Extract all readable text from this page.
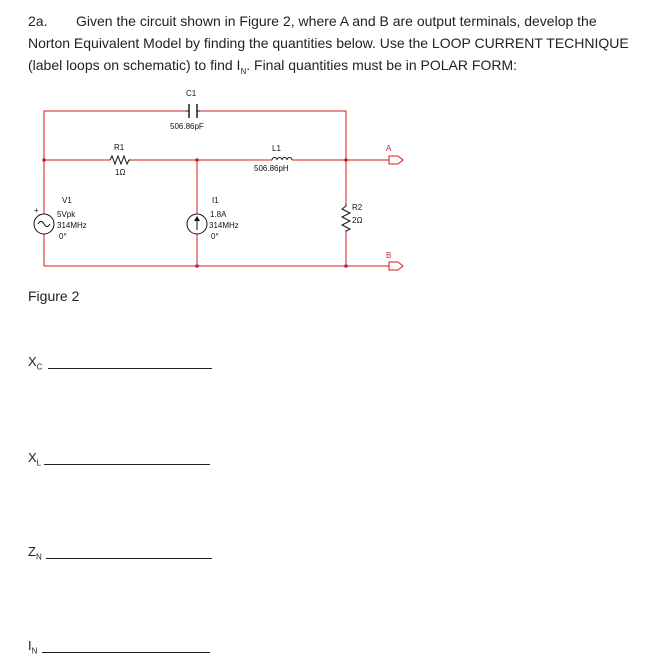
2a. Given the circuit shown in Figure 2, where A and B are output terminals, develop the
Norton Equivalent Model by finding the quantities below. Use the LOOP CURRENT TECHNIQUE
(label loops on schematic) to find $I_N$. Final quantities must be in POLAR FORM:
C1
506.86pF
R1
1Ω
L1
506.86pH
+
V1
5Vpk
314MHz
0°
I1
1.8A
314MHz
0°
R2
2Ω
A
B
Figure 2
$X_C$
$X_L$
$Z_N$
$I_N$
